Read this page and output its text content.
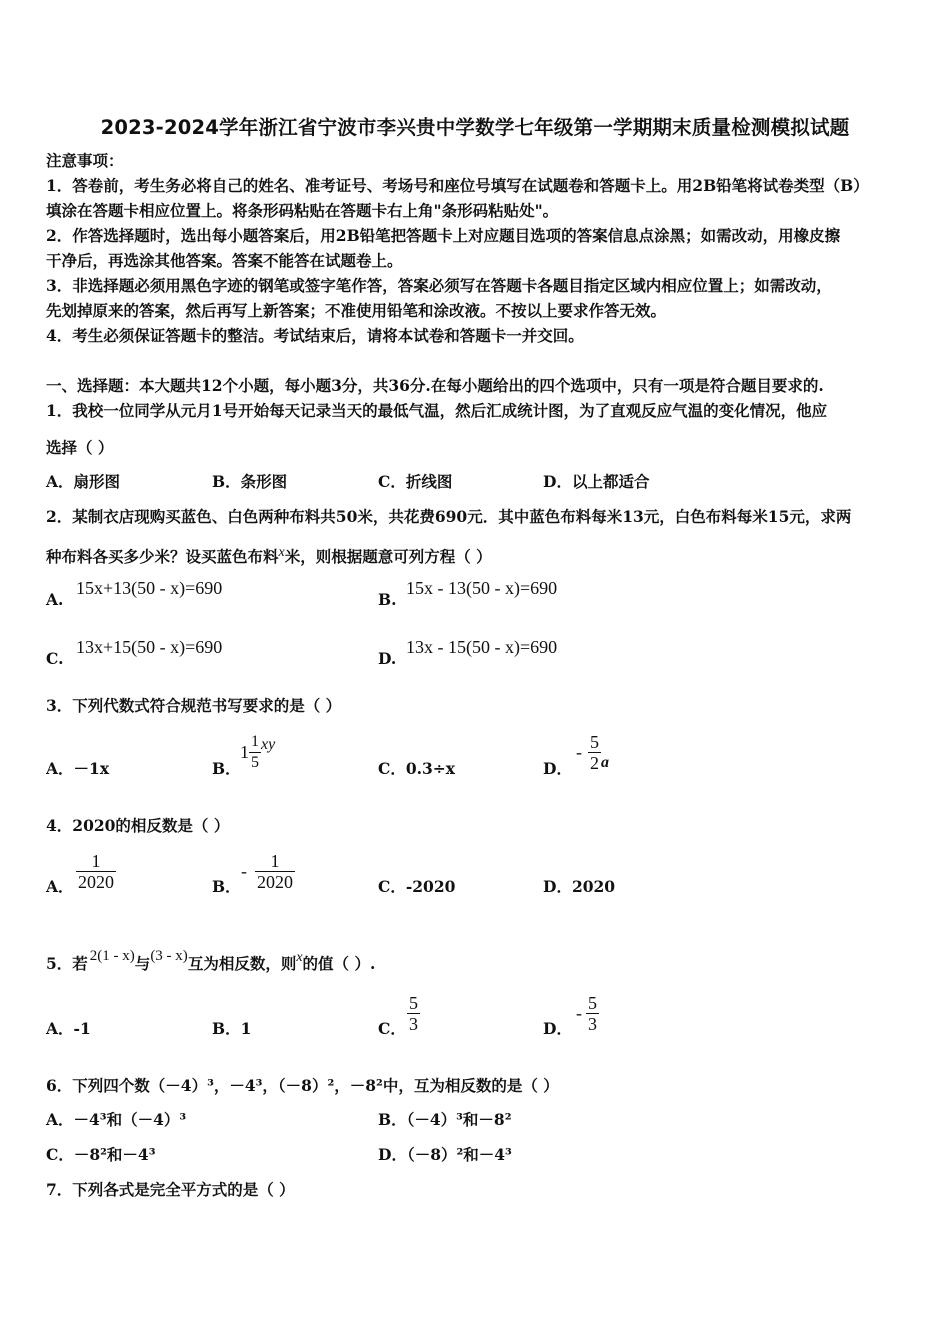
2023-2024学年浙江省宁波市李兴贵中学数学七年级第一学期期末质量检测模拟试题
注意事项：
1．答卷前，考生务必将自己的姓名、准考证号、考场号和座位号填写在试题卷和答题卡上。用2B铅笔将试卷类型（B）
填涂在答题卡相应位置上。将条形码粘贴在答题卡右上角"条形码粘贴处"。
2．作答选择题时，选出每小题答案后，用2B铅笔把答题卡上对应题目选项的答案信息点涂黑；如需改动，用橡皮擦
干净后，再选涂其他答案。答案不能答在试题卷上。
3．非选择题必须用黑色字迹的钢笔或签字笔作答，答案必须写在答题卡各题目指定区域内相应位置上；如需改动，
先划掉原来的答案，然后再写上新答案；不准使用铅笔和涂改液。不按以上要求作答无效。
4．考生必须保证答题卡的整洁。考试结束后，请将本试卷和答题卡一并交回。
一、选择题：本大题共12个小题，每小题3分，共36分.在每小题给出的四个选项中，只有一项是符合题目要求的.
1．我校一位同学从元月1号开始每天记录当天的最低气温，然后汇成统计图，为了直观反应气温的变化情况，他应
选择（ ）
A．扇形图	B．条形图	C．折线图	D．以上都适合
2．某制衣店现购买蓝色、白色两种布料共50米，共花费690元．其中蓝色布料每米13元，白色布料每米15元，求两
种布料各买多少米？设买蓝色布料x米，则根据题意可列方程（ ）
A.
15x+13(50 - x)=690
B.
15x - 13(50 - x)=690
C.
13x+15(50 - x)=690
D.
13x - 15(50 - x)=690
3．下列代数式符合规范书写要求的是（ ）
A．－1x	B．
$1 \frac{1}{5}$ xy
C．0.3÷x	D．
- $\frac{5}{2}$ a
4．2020的相反数是（ ）
A． $\frac{1}{2020}$	B．
- $\frac{1}{2020}$	C．-2020	D．2020
5．若 2(1 - x)与(3 - x)互为相反数，则x的值（ ）.
A．-1	B．1	C． $\frac{5}{3}$	D．
- $\frac{5}{3}$
6．下列四个数（－4）³，－4³，（－8）²，－8²中，互为相反数的是（ ）
A．－4³和（－4）³	B．（－4）³和－8²
C．－8²和－4³	D．（－8）²和－4³
7．下列各式是完全平方式的是（ ）
